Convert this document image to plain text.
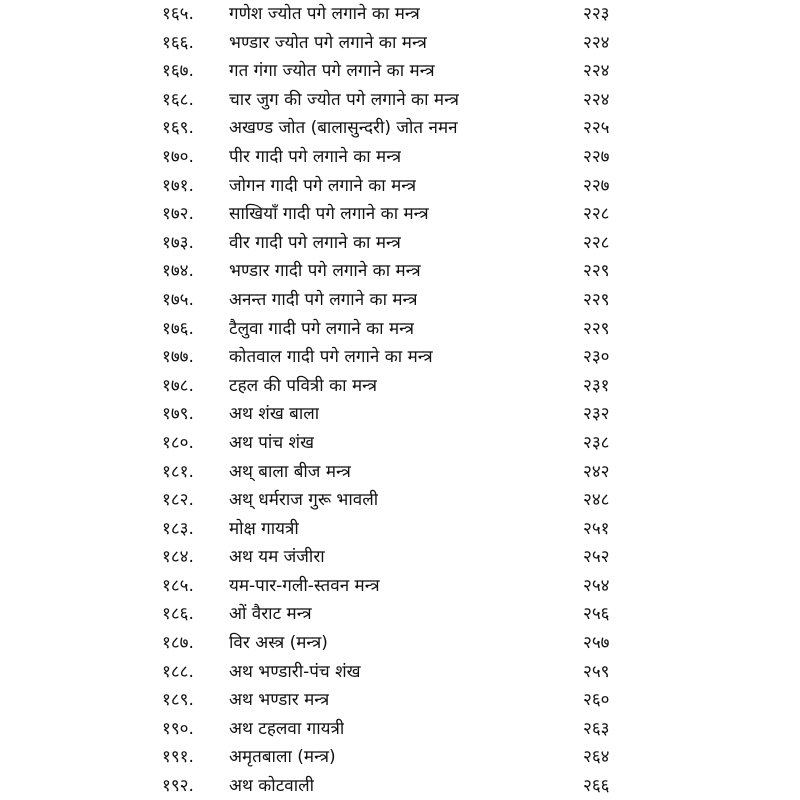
१६५.	गणेश ज्योत पगे लगाने का मन्त्र	२२३
१६६.	भण्डार ज्योत पगे लगाने का मन्त्र	२२४
१६७.	गत गंगा ज्योत पगे लगाने का मन्त्र	२२४
१६८.	चार जुग की ज्योत पगे लगाने का मन्त्र	२२४
१६९.	अखण्ड जोत (बालासुन्दरी) जोत नमन	२२५
१७०.	पीर गादी पगे लगाने का मन्त्र	२२७
१७१.	जोगन गादी पगे लगाने का मन्त्र	२२७
१७२.	साखियाँ गादी पगे लगाने का मन्त्र	२२८
१७३.	वीर गादी पगे लगाने का मन्त्र	२२८
१७४.	भण्डार गादी पगे लगाने का मन्त्र	२२९
१७५.	अनन्त गादी पगे लगाने का मन्त्र	२२९
१७६.	टैलुवा गादी पगे लगाने का मन्त्र	२२९
१७७.	कोतवाल गादी पगे लगाने का मन्त्र	२३०
१७८.	टहल की पवित्री का मन्त्र	२३१
१७९.	अथ शंख बाला	२३२
१८०.	अथ पांच शंख	२३८
१८१.	अथ् बाला बीज मन्त्र	२४२
१८२.	अथ् धर्मराज गुरू भावली	२४८
१८३.	मोक्ष गायत्री	२५१
१८४.	अथ यम जंजीरा	२५२
१८५.	यम-पार-गली-स्तवन मन्त्र	२५४
१८६.	ओं वैराट मन्त्र	२५६
१८७.	विर अस्त्र (मन्त्र)	२५७
१८८.	अथ भण्डारी-पंच शंख	२५९
१८९.	अथ भण्डार मन्त्र	२६०
१९०.	अथ टहलवा गायत्री	२६३
१९१.	अमृतबाला (मन्त्र)	२६४
१९२.	अथ कोटवाली	२६६
